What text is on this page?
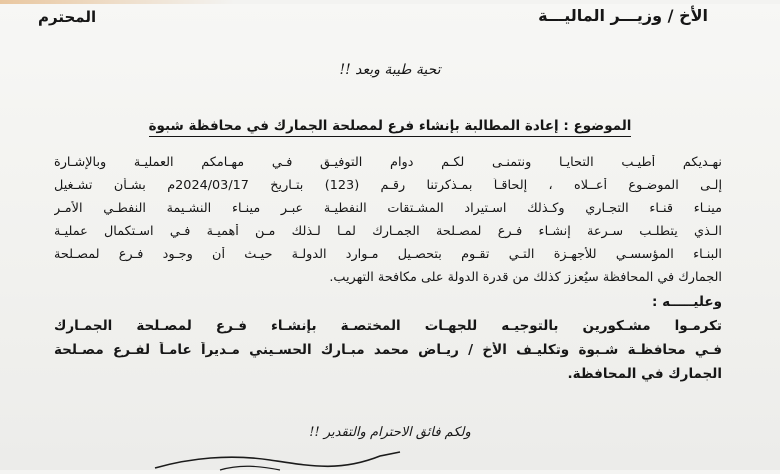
الأخ / وزيـــر الماليـــة
المحترم
تحية طيبة وبعد !!
الموضوع : إعادة المطالبة بإنشاء فرع لمصلحة الجمارك في محافظة شبوة
نهـديكم أطيـب التحايـا ونتمنـى لكـم دوام التوفيـق فـي مهـامكم العمليـة وبالإشـارة
إلـى الموضـوع أعــلاه ، إلحاقـاً بمـذكرتنا رقـم (123) بتـاريخ 2024/03/17م بشـأن تشـغيل
مينـاء قنـاء التجـاري وكـذلك اسـتيراد المشـتقات النفطيـة عبـر مينـاء النشـيمة النفطـي الأمـر
الـذي يتطلـب سـرعة إنشـاء فـرع لمصـلحة الجمـارك لمـا لـذلك مـن أهميـة فـي اسـتكمال عمليـة
البنـاء المؤسسـي للأجهـزة التـي تقـوم بتحصـيل مـوارد الدولـة حيـث أن وجـود فـرع لمصـلحة
الجمارك في المحافظة سيُعزز كذلك من قدرة الدولة على مكافحة التهريب.
وعليـــــه :
تكرمـوا مشـكورين بالتوجيـه للجهـات المختصـة بإنشـاء فـرع لمصـلحة الجمـارك
فـي محافظـة شـبوة وتكليـف الأخ / ريـاض محمد مبـارك الحسـيني مـديراً عامـاً لفـرع مصـلحة
الجمارك في المحافظة.
ولكم فائق الاحترام والتقدير !!
